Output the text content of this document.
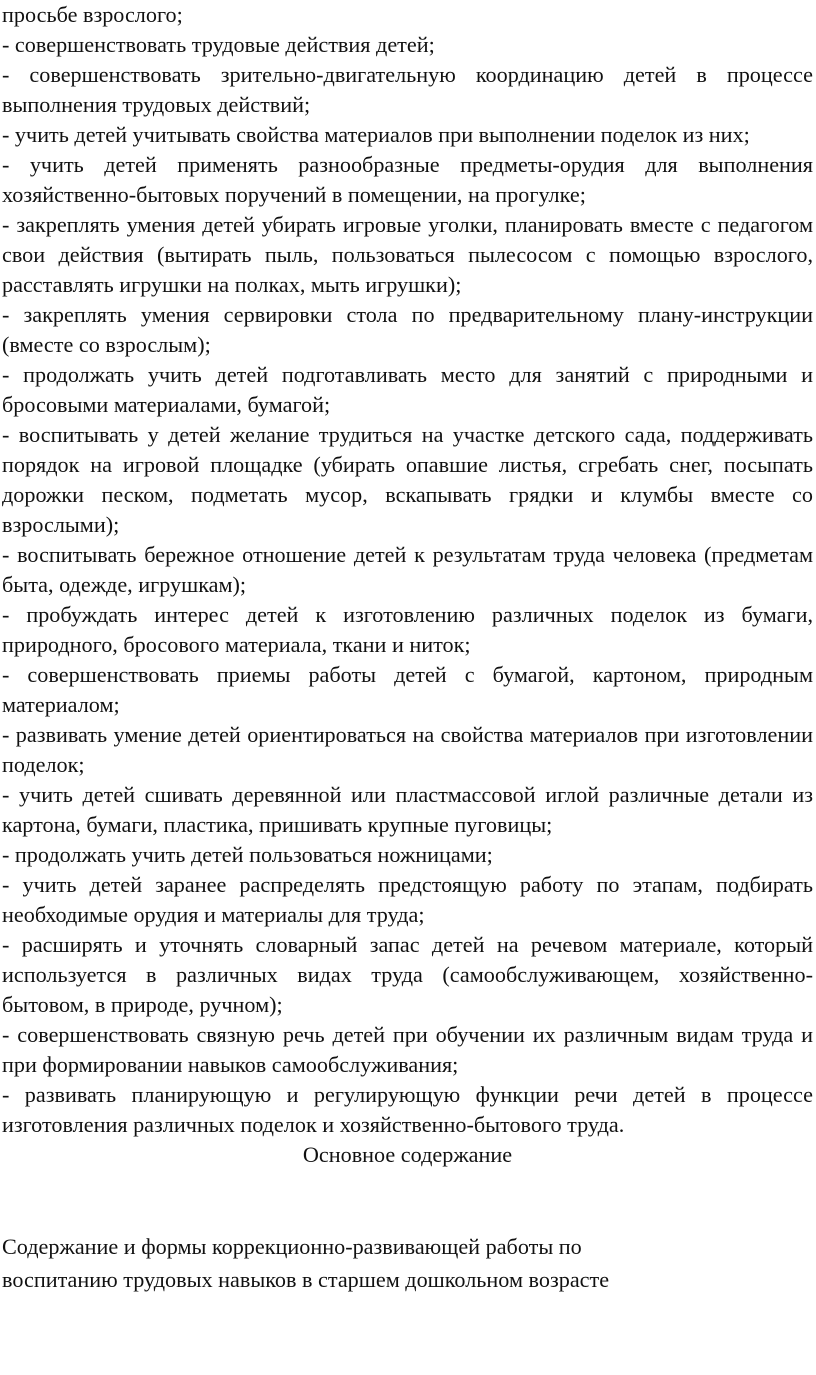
просьбе взрослого;
- совершенствовать трудовые действия детей;
- совершенствовать зрительно-двигательную координацию детей в процессе выполнения трудовых действий;
- учить детей учитывать свойства материалов при выполнении поделок из них;
- учить детей применять разнообразные предметы-орудия для выполнения хозяйственно-бытовых поручений в помещении, на прогулке;
- закреплять умения детей убирать игровые уголки, планировать вместе с педагогом свои действия (вытирать пыль, пользоваться пылесосом с помощью взрослого, расставлять игрушки на полках, мыть игрушки);
- закреплять умения сервировки стола по предварительному плану-инструкции (вместе со взрослым);
- продолжать учить детей подготавливать место для занятий с природными и бросовыми материалами, бумагой;
- воспитывать у детей желание трудиться на участке детского сада, поддерживать порядок на игровой площадке (убирать опавшие листья, сгребать снег, посыпать дорожки песком, подметать мусор, вскапывать грядки и клумбы вместе со взрослыми);
- воспитывать бережное отношение детей к результатам труда человека (предметам быта, одежде, игрушкам);
- пробуждать интерес детей к изготовлению различных поделок из бумаги, природного, бросового материала, ткани и ниток;
- совершенствовать приемы работы детей с бумагой, картоном, природным материалом;
- развивать умение детей ориентироваться на свойства материалов при изготовлении поделок;
- учить детей сшивать деревянной или пластмассовой иглой различные детали из картона, бумаги, пластика, пришивать крупные пуговицы;
- продолжать учить детей пользоваться ножницами;
- учить детей заранее распределять предстоящую работу по этапам, подбирать необходимые орудия и материалы для труда;
- расширять и уточнять словарный запас детей на речевом материале, который используется в различных видах труда (самообслуживающем, хозяйственно-бытовом, в природе, ручном);
- совершенствовать связную речь детей при обучении их различным видам труда и при формировании навыков самообслуживания;
- развивать планирующую и регулирующую функции речи детей в процессе изготовления различных поделок и хозяйственно-бытового труда.

Основное содержание

Содержание и формы коррекционно-развивающей работы по

воспитанию трудовых навыков в старшем дошкольном возрасте
